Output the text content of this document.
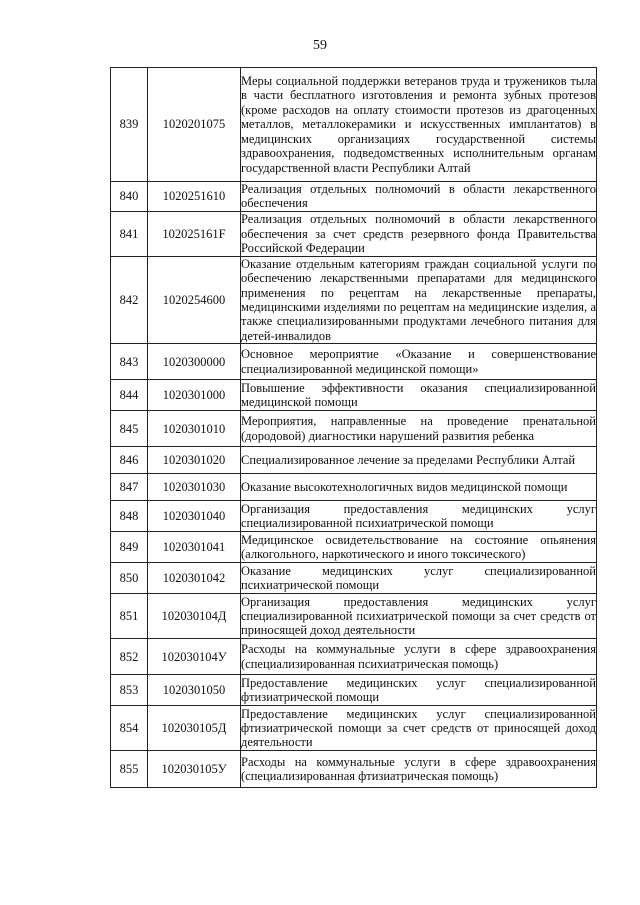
59
839	1020201075	Меры социальной поддержки ветеранов труда и тружеников тыла в части бесплатного изготовления и ремонта зубных протезов (кроме расходов на оплату стоимости протезов из драгоценных металлов, металлокерамики и искусственных имплантатов) в медицинских организациях государственной системы здравоохранения, подведомственных исполнительным органам государственной власти Республики Алтай
840	1020251610	Реализация отдельных полномочий в области лекарственного обеспечения
841	102025161F	Реализация отдельных полномочий в области лекарственного обеспечения за счет средств резервного фонда Правительства Российской Федерации
842	1020254600	Оказание отдельным категориям граждан социальной услуги по обеспечению лекарственными препаратами для медицинского применения по рецептам на лекарственные препараты, медицинскими изделиями по рецептам на медицинские изделия, а также специализированными продуктами лечебного питания для детей-инвалидов
843	1020300000	Основное мероприятие «Оказание и совершенствование специализированной медицинской помощи»
844	1020301000	Повышение эффективности оказания специализированной медицинской помощи
845	1020301010	Мероприятия, направленные на проведение пренатальной (дородовой) диагностики нарушений развития ребенка
846	1020301020	Специализированное лечение за пределами Республики Алтай
847	1020301030	Оказание высокотехнологичных видов медицинской помощи
848	1020301040	Организация предоставления медицинских услуг специализированной психиатрической помощи
849	1020301041	Медицинское освидетельствование на состояние опьянения (алкогольного, наркотического и иного токсического)
850	1020301042	Оказание медицинских услуг специализированной психиатрической помощи
851	102030104Д	Организация предоставления медицинских услуг специализированной психиатрической помощи за счет средств от приносящей доход деятельности
852	102030104У	Расходы на коммунальные услуги в сфере здравоохранения (специализированная психиатрическая помощь)
853	1020301050	Предоставление медицинских услуг специализированной фтизиатрической помощи
854	102030105Д	Предоставление медицинских услуг специализированной фтизиатрической помощи за счет средств от приносящей доход деятельности
855	102030105У	Расходы на коммунальные услуги в сфере здравоохранения (специализированная фтизиатрическая помощь)
